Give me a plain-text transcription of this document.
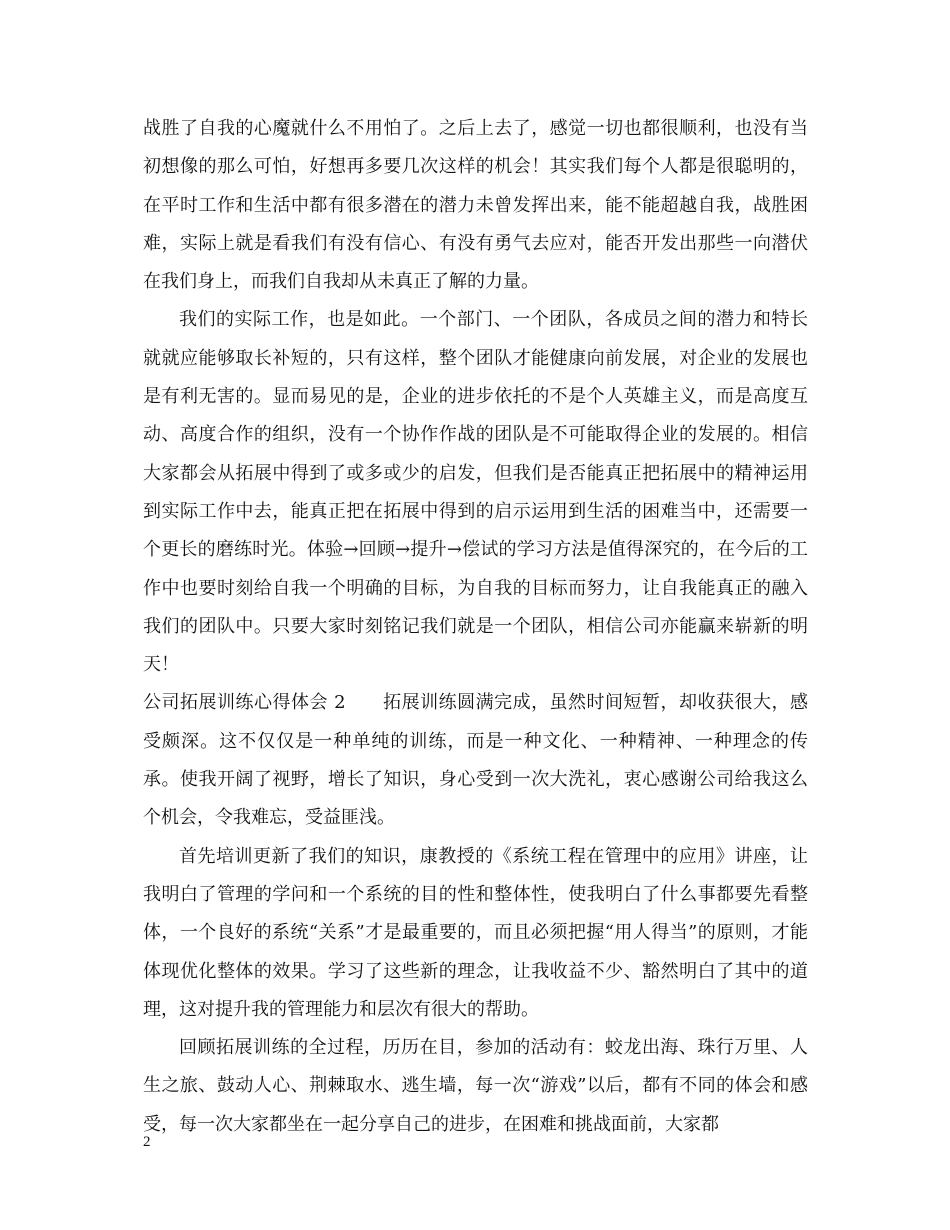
战胜了自我的心魔就什么不用怕了。之后上去了，感觉一切也都很顺利，也没有当初想像的那么可怕，好想再多要几次这样的机会！其实我们每个人都是很聪明的，在平时工作和生活中都有很多潜在的潜力未曾发挥出来，能不能超越自我，战胜困难，实际上就是看我们有没有信心、有没有勇气去应对，能否开发出那些一向潜伏在我们身上，而我们自我却从未真正了解的力量。

我们的实际工作，也是如此。一个部门、一个团队，各成员之间的潜力和特长就就应能够取长补短的，只有这样，整个团队才能健康向前发展，对企业的发展也是有利无害的。显而易见的是，企业的进步依托的不是个人英雄主义，而是高度互动、高度合作的组织，没有一个协作作战的团队是不可能取得企业的发展的。相信大家都会从拓展中得到了或多或少的启发，但我们是否能真正把拓展中的精神运用到实际工作中去，能真正把在拓展中得到的启示运用到生活的困难当中，还需要一个更长的磨练时光。体验→回顾→提升→偿试的学习方法是值得深究的，在今后的工作中也要时刻给自我一个明确的目标，为自我的目标而努力，让自我能真正的融入我们的团队中。只要大家时刻铭记我们就是一个团队，相信公司亦能赢来崭新的明天！

公司拓展训练心得体会 2　　 拓展训练圆满完成，虽然时间短暂，却收获很大，感受颇深。这不仅仅是一种单纯的训练，而是一种文化、一种精神、一种理念的传承。使我开阔了视野，增长了知识，身心受到一次大洗礼，衷心感谢公司给我这么个机会，令我难忘，受益匪浅。

首先培训更新了我们的知识，康教授的《系统工程在管理中的应用》讲座，让我明白了管理的学问和一个系统的目的性和整体性，使我明白了什么事都要先看整体，一个良好的系统“关系”才是最重要的，而且必须把握“用人得当”的原则，才能体现优化整体的效果。学习了这些新的理念，让我收益不少、豁然明白了其中的道理，这对提升我的管理能力和层次有很大的帮助。

回顾拓展训练的全过程，历历在目，参加的活动有：蛟龙出海、珠行万里、人生之旅、鼓动人心、荆棘取水、逃生墙，每一次“游戏”以后，都有不同的体会和感受，每一次大家都坐在一起分享自己的进步，在困难和挑战面前，大家都

2
